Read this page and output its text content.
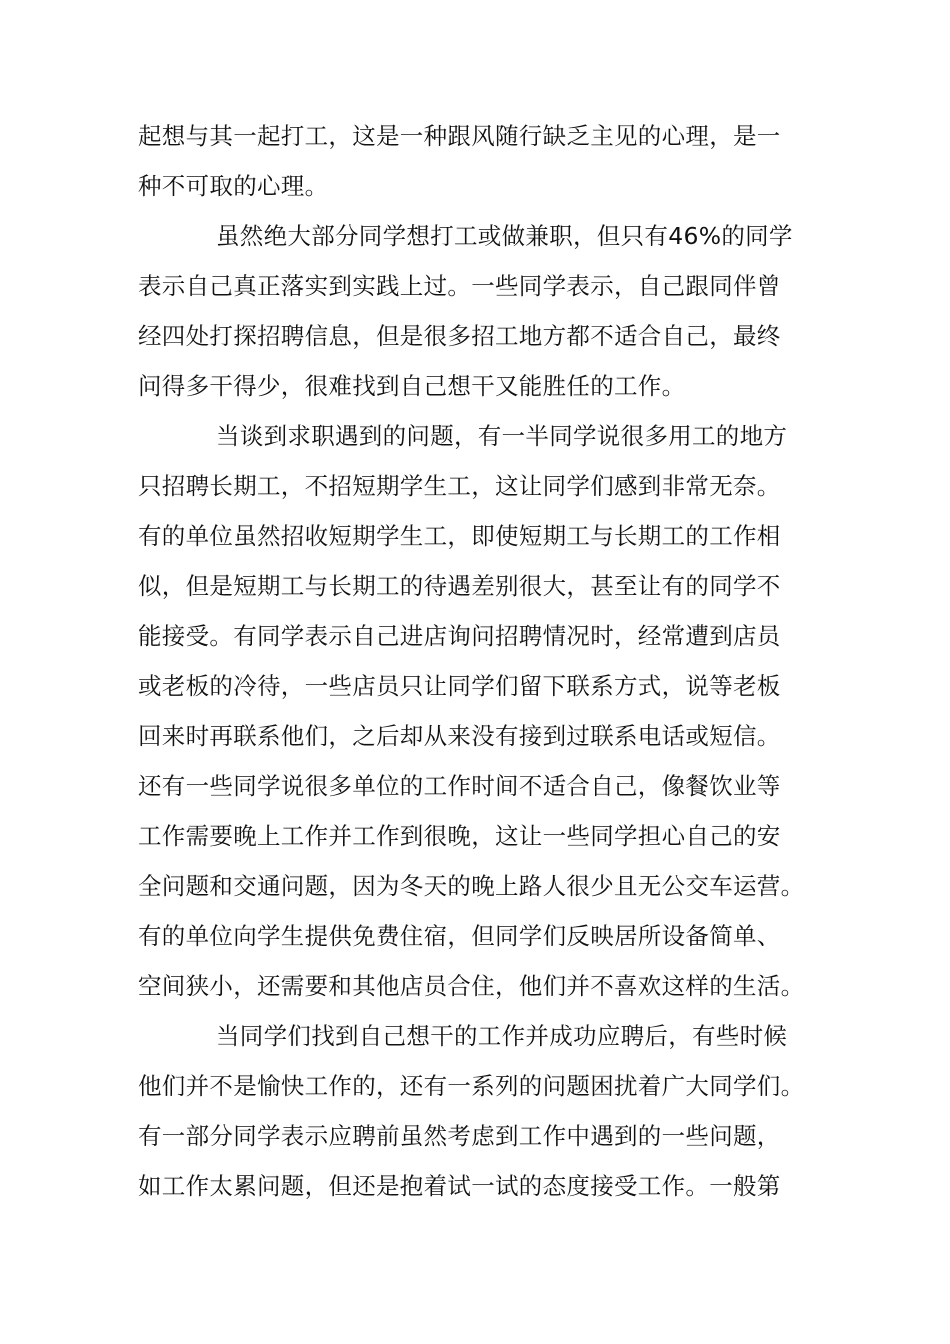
起想与其一起打工，这是一种跟风随行缺乏主见的心理，是一

种不可取的心理。

虽然绝大部分同学想打工或做兼职，但只有46%的同学

表示自己真正落实到实践上过。一些同学表示，自己跟同伴曾

经四处打探招聘信息，但是很多招工地方都不适合自己，最终

问得多干得少，很难找到自己想干又能胜任的工作。

当谈到求职遇到的问题，有一半同学说很多用工的地方

只招聘长期工，不招短期学生工，这让同学们感到非常无奈。

有的单位虽然招收短期学生工，即使短期工与长期工的工作相

似，但是短期工与长期工的待遇差别很大，甚至让有的同学不

能接受。有同学表示自己进店询问招聘情况时，经常遭到店员

或老板的冷待，一些店员只让同学们留下联系方式，说等老板

回来时再联系他们，之后却从来没有接到过联系电话或短信。

还有一些同学说很多单位的工作时间不适合自己，像餐饮业等

工作需要晚上工作并工作到很晚，这让一些同学担心自己的安

全问题和交通问题，因为冬天的晚上路人很少且无公交车运营。

有的单位向学生提供免费住宿，但同学们反映居所设备简单、

空间狭小，还需要和其他店员合住，他们并不喜欢这样的生活。

当同学们找到自己想干的工作并成功应聘后，有些时候

他们并不是愉快工作的，还有一系列的问题困扰着广大同学们。

有一部分同学表示应聘前虽然考虑到工作中遇到的一些问题，

如工作太累问题，但还是抱着试一试的态度接受工作。一般第
